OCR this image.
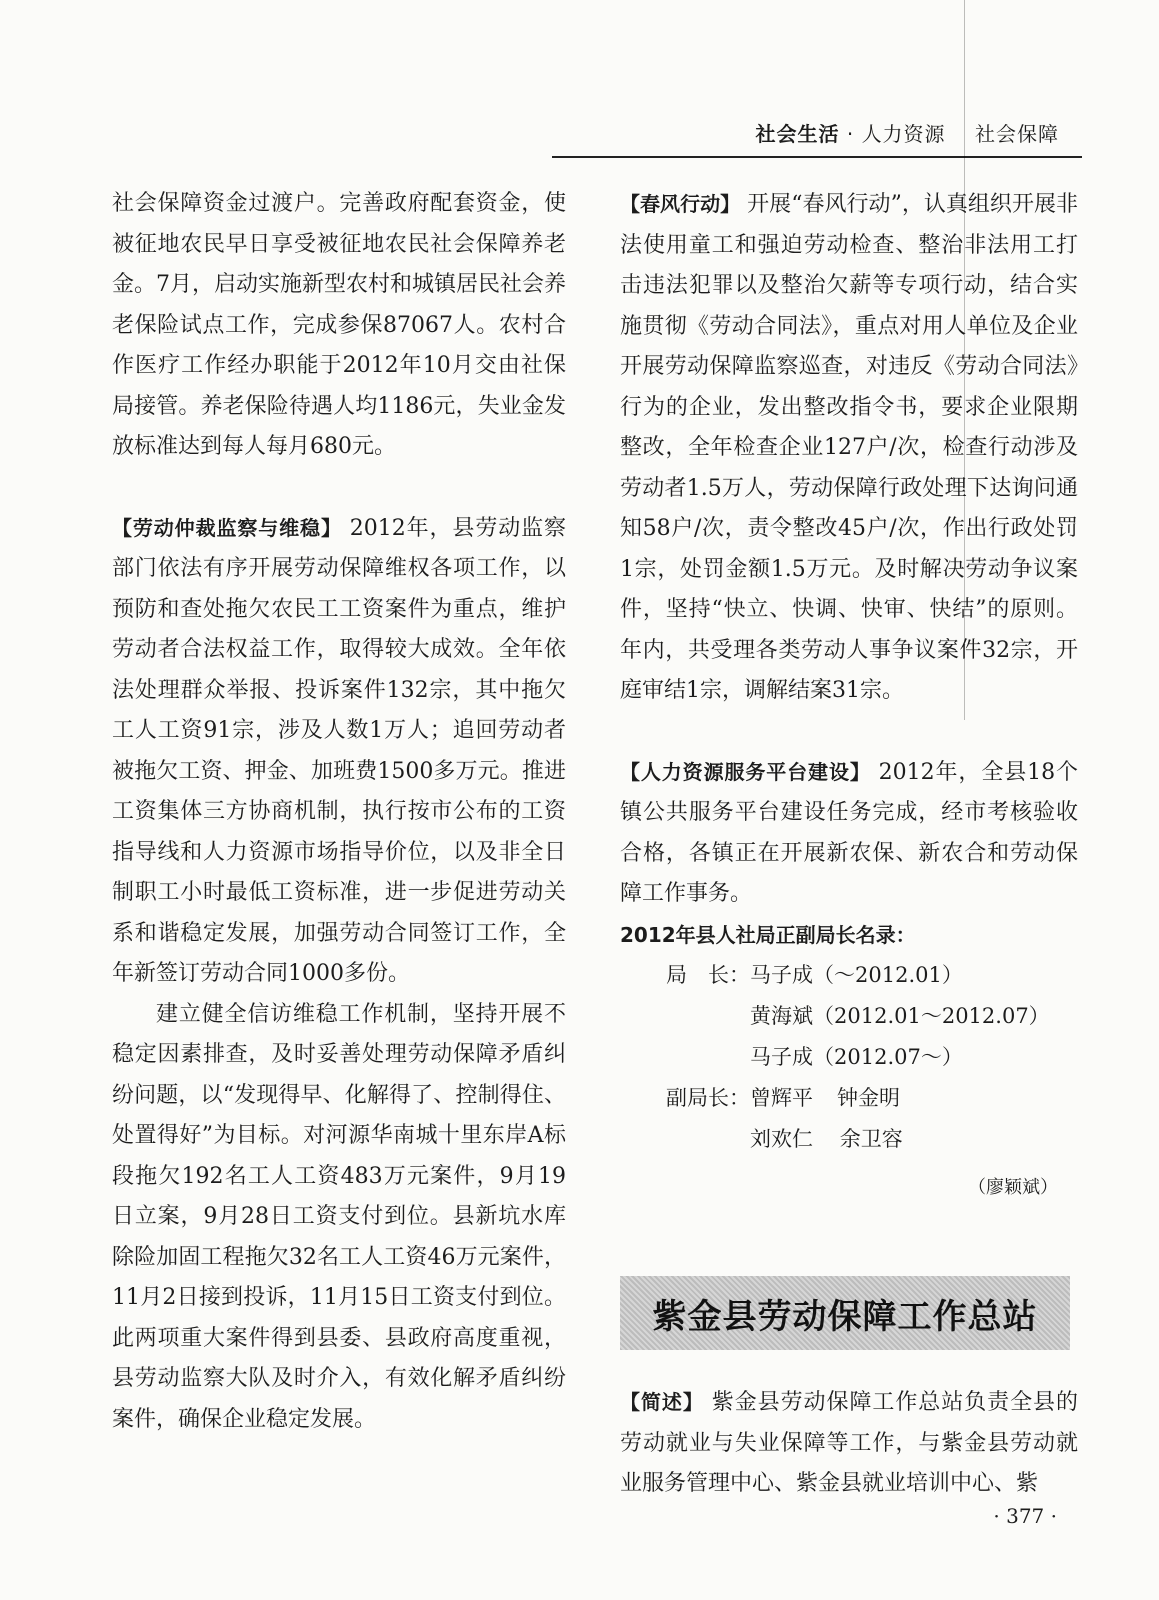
社会生活 · 人力资源 社会保障

社会保障资金过渡户。完善政府配套资金，使被征地农民早日享受被征地农民社会保障养老金。7月，启动实施新型农村和城镇居民社会养老保险试点工作，完成参保87067人。农村合作医疗工作经办职能于2012年10月交由社保局接管。养老保险待遇人均1186元，失业金发放标准达到每人每月680元。

【劳动仲裁监察与维稳】 2012年，县劳动监察部门依法有序开展劳动保障维权各项工作，以预防和查处拖欠农民工工资案件为重点，维护劳动者合法权益工作，取得较大成效。全年依法处理群众举报、投诉案件132宗，其中拖欠工人工资91宗，涉及人数1万人；追回劳动者被拖欠工资、押金、加班费1500多万元。推进工资集体三方协商机制，执行按市公布的工资指导线和人力资源市场指导价位，以及非全日制职工小时最低工资标准，进一步促进劳动关系和谐稳定发展，加强劳动合同签订工作，全年新签订劳动合同1000多份。

建立健全信访维稳工作机制，坚持开展不稳定因素排查，及时妥善处理劳动保障矛盾纠纷问题，以“发现得早、化解得了、控制得住、处置得好”为目标。对河源华南城十里东岸A标段拖欠192名工人工资483万元案件，9月19日立案，9月28日工资支付到位。县新坑水库除险加固工程拖欠32名工人工资46万元案件，11月2日接到投诉，11月15日工资支付到位。此两项重大案件得到县委、县政府高度重视，县劳动监察大队及时介入，有效化解矛盾纠纷案件，确保企业稳定发展。

【春风行动】 开展“春风行动”，认真组织开展非法使用童工和强迫劳动检查、整治非法用工打击违法犯罪以及整治欠薪等专项行动，结合实施贯彻《劳动合同法》，重点对用人单位及企业开展劳动保障监察巡查，对违反《劳动合同法》行为的企业，发出整改指令书，要求企业限期整改，全年检查企业127户/次，检查行动涉及劳动者1.5万人，劳动保障行政处理下达询问通知58户/次，责令整改45户/次，作出行政处罚1宗，处罚金额1.5万元。及时解决劳动争议案件，坚持“快立、快调、快审、快结”的原则。年内，共受理各类劳动人事争议案件32宗，开庭审结1宗，调解结案31宗。

【人力资源服务平台建设】 2012年，全县18个镇公共服务平台建设任务完成，经市考核验收合格，各镇正在开展新农保、新农合和劳动保障工作事务。

2012年县人社局正副局长名录：

局　长： 马子成（～2012.01）
黄海斌（2012.01～2012.07）
马子成（2012.07～）
副局长： 曾辉平 钟金明
刘欢仁 余卫容
（廖颖斌）
紫金县劳动保障工作总站

【简述】 紫金县劳动保障工作总站负责全县的劳动就业与失业保障等工作，与紫金县劳动就业服务管理中心、紫金县就业培训中心、紫

· 377 ·
